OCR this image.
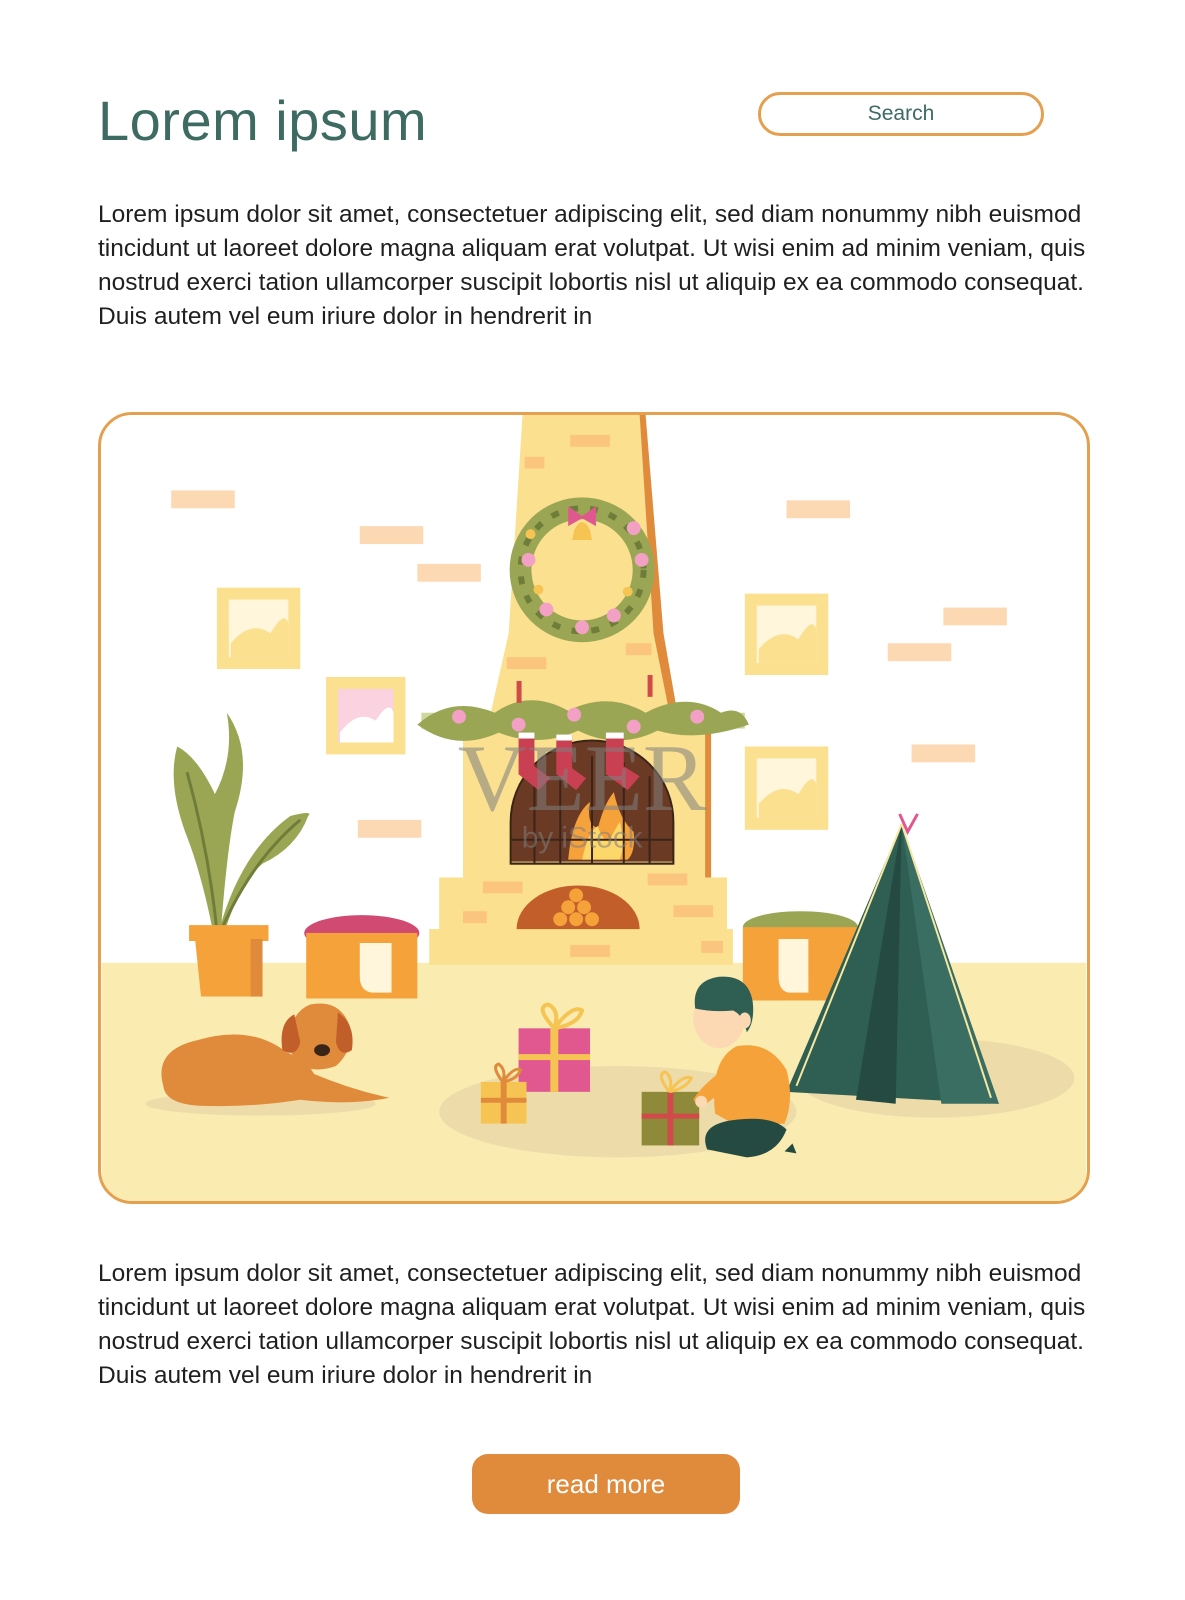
Lorem ipsum	Search

Lorem ipsum dolor sit amet, consectetuer adipiscing elit, sed diam nonummy nibh euismod tincidunt ut laoreet dolore magna aliquam erat volutpat. Ut wisi enim ad minim veniam, quis nostrud exerci tation ullamcorper suscipit lobortis nisl ut aliquip ex ea commodo consequat. Duis autem vel eum iriure dolor in hendrerit in

VEER
by iStock

Lorem ipsum dolor sit amet, consectetuer adipiscing elit, sed diam nonummy nibh euismod tincidunt ut laoreet dolore magna aliquam erat volutpat. Ut wisi enim ad minim veniam, quis nostrud exerci tation ullamcorper suscipit lobortis nisl ut aliquip ex ea commodo consequat. Duis autem vel eum iriure dolor in hendrerit in

read more
